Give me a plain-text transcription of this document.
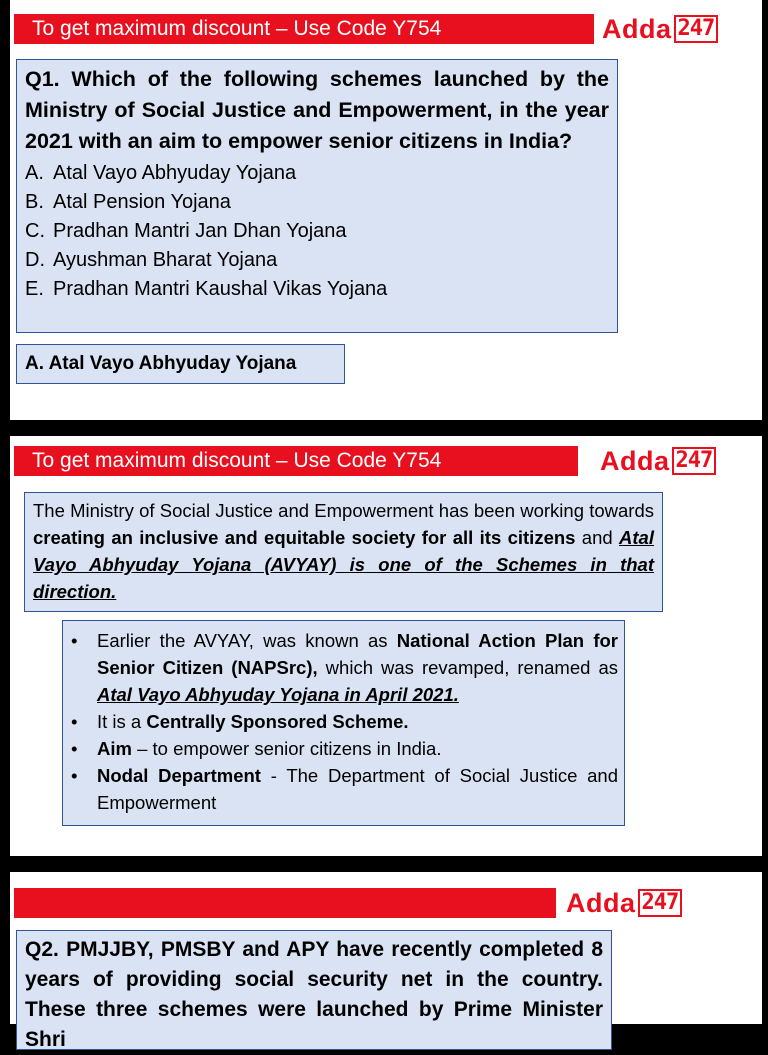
To get maximum discount – Use Code Y754	Adda 247

Q1. Which of the following schemes launched by the Ministry of Social Justice and Empowerment, in the year 2021 with an aim to empower senior citizens in India?

A. Atal Vayo Abhyuday Yojana
B. Atal Pension Yojana
C. Pradhan Mantri Jan Dhan Yojana
D. Ayushman Bharat Yojana
E. Pradhan Mantri Kaushal Vikas Yojana
A. Atal Vayo Abhyuday Yojana
To get maximum discount – Use Code Y754	Adda 247
The Ministry of Social Justice and Empowerment has been working towards creating an inclusive and equitable society for all its citizens and Atal Vayo Abhyuday Yojana (AVYAY) is one of the Schemes in that direction.
• Earlier the AVYAY, was known as National Action Plan for Senior Citizen (NAPSrc), which was revamped, renamed as Atal Vayo Abhyuday Yojana in April 2021.
• It is a Centrally Sponsored Scheme.
• Aim – to empower senior citizens in India.
• Nodal Department - The Department of Social Justice and Empowerment
Adda 247

Q2. PMJJBY, PMSBY and APY have recently completed 8 years of providing social security net in the country. These three schemes were launched by Prime Minister Shri
